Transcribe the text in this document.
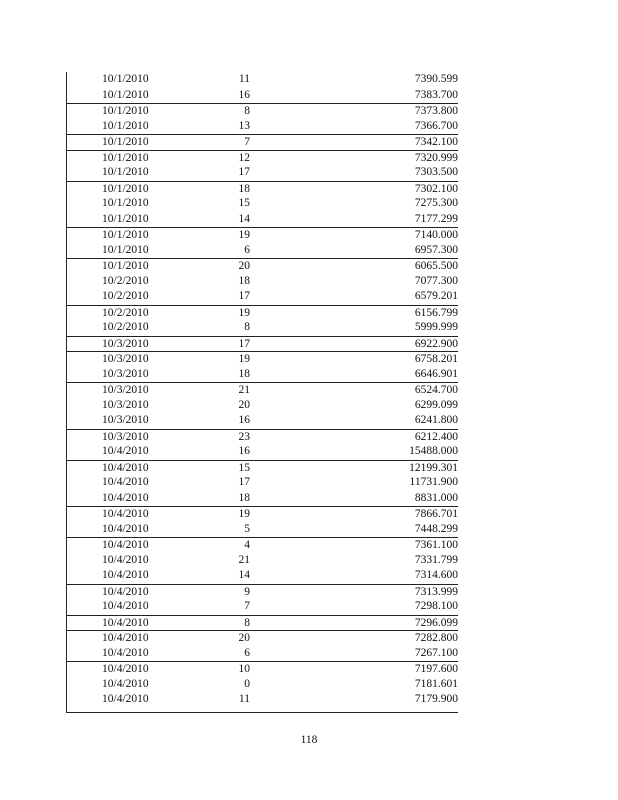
10/1/2010	11	7390.599
10/1/2010	16	7383.700
10/1/2010	8	7373.800
10/1/2010	13	7366.700
10/1/2010	7	7342.100
10/1/2010	12	7320.999
10/1/2010	17	7303.500
10/1/2010	18	7302.100
10/1/2010	15	7275.300
10/1/2010	14	7177.299
10/1/2010	19	7140.000
10/1/2010	6	6957.300
10/1/2010	20	6065.500
10/2/2010	18	7077.300
10/2/2010	17	6579.201
10/2/2010	19	6156.799
10/2/2010	8	5999.999
10/3/2010	17	6922.900
10/3/2010	19	6758.201
10/3/2010	18	6646.901
10/3/2010	21	6524.700
10/3/2010	20	6299.099
10/3/2010	16	6241.800
10/3/2010	23	6212.400
10/4/2010	16	15488.000
10/4/2010	15	12199.301
10/4/2010	17	11731.900
10/4/2010	18	8831.000
10/4/2010	19	7866.701
10/4/2010	5	7448.299
10/4/2010	4	7361.100
10/4/2010	21	7331.799
10/4/2010	14	7314.600
10/4/2010	9	7313.999
10/4/2010	7	7298.100
10/4/2010	8	7296.099
10/4/2010	20	7282.800
10/4/2010	6	7267.100
10/4/2010	10	7197.600
10/4/2010	0	7181.601
10/4/2010	11	7179.900
118
